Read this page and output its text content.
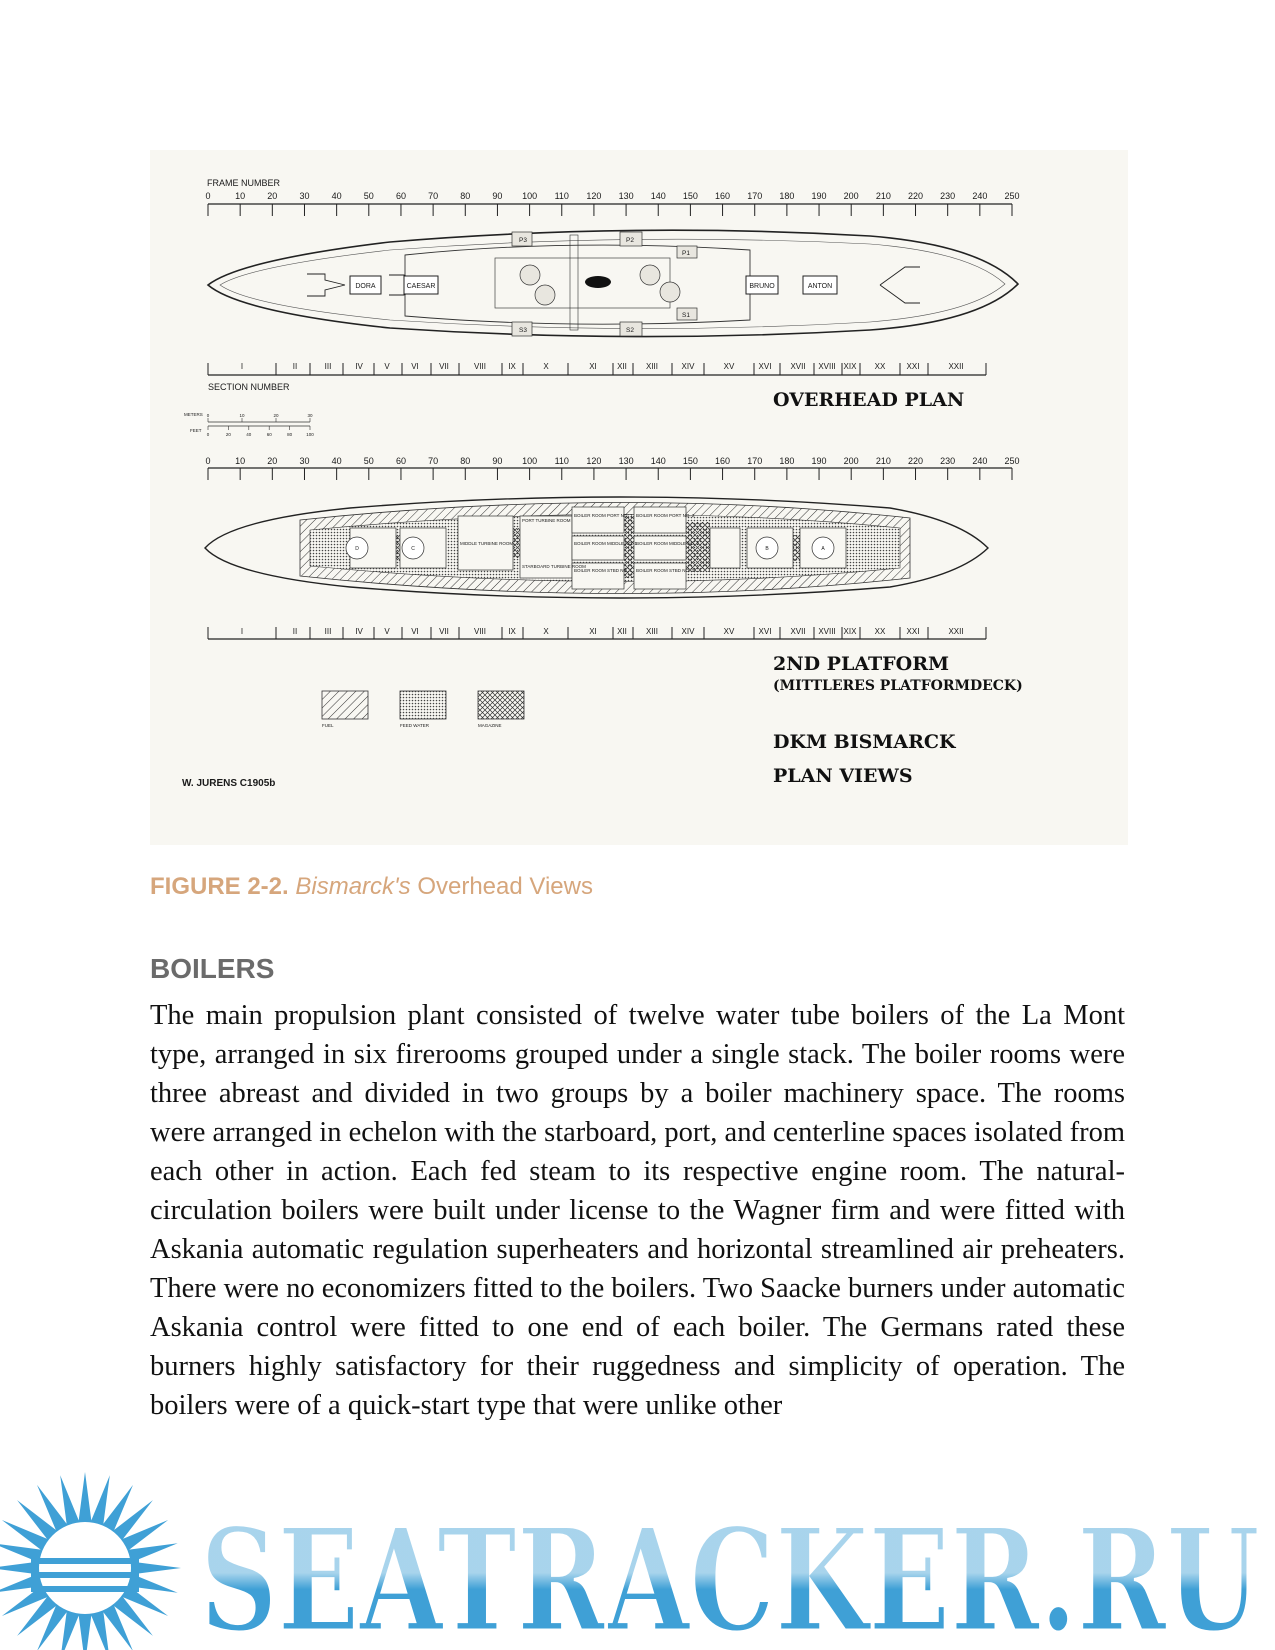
FRAME NUMBER
0	10 20 30 40 50 60 70 80 90 100 110 120 130 140 150 160 170 180 190 200 210 220 230 240 250
P3	P2
P1
S3	S2
S1
DORA	CAESAR	BRUNO	ANTON
I	II	III	IV	V	VI	VII	VIII	IX	X	XI	XII XIII	XIV	XV	XVI XVII XVIII XIX XX	XXI	XXII
SECTION NUMBER
OVERHEAD PLAN
METERS
FEET
0	10	20	30
0	20	40	60	80	100
0	10 20 30 40 50 60 70 80 90 100 110 120 130 140 150 160 170 180 190 200 210 220 230 240 250
D	C	B	A
MIDDLE TURBINE ROOM
PORT TURBINE ROOM
STARBOARD TURBINE ROOM
BOILER ROOM PORT NO. 1 BOILER ROOM PORT NO. 2
BOILER ROOM MIDDLE NO. 1
BOILER ROOM MIDDLE NO. 2
BOILER ROOM STBD NO. 1 BOILER ROOM STBD NO. 2
I	II	III	IV	V	VI	VII	VIII	IX	X	XI	XII XIII	XIV	XV	XVI XVII XVIII XIX XX	XXI	XXII
2ND PLATFORM
(MITTLERES PLATFORMDECK)
FUEL	FEED WATER	MAGAZINE
DKM BISMARCK
PLAN VIEWS
W. JURENS C1905b
FIGURE 2-2. Bismarck's Overhead Views
BOILERS

The main propulsion plant consisted of twelve water tube boilers of the La Mont type, arranged in six firerooms grouped under a single stack. The boiler rooms were three abreast and divided in two groups by a boiler machinery space. The rooms were arranged in echelon with the starboard, port, and centerline spaces isolated from each other in action. Each fed steam to its respective engine room. The natural-circulation boilers were built under license to the Wagner firm and were fitted with Askania automatic regulation superheaters and horizontal streamlined air preheaters. There were no economizers fitted to the boilers. Two Saacke burners under automatic Askania control were fitted to one end of each boiler. The Germans rated these burners highly satisfactory for their ruggedness and simplicity of operation. The boilers were of a quick-start type that were unlike other

SEATRACKER.RU
